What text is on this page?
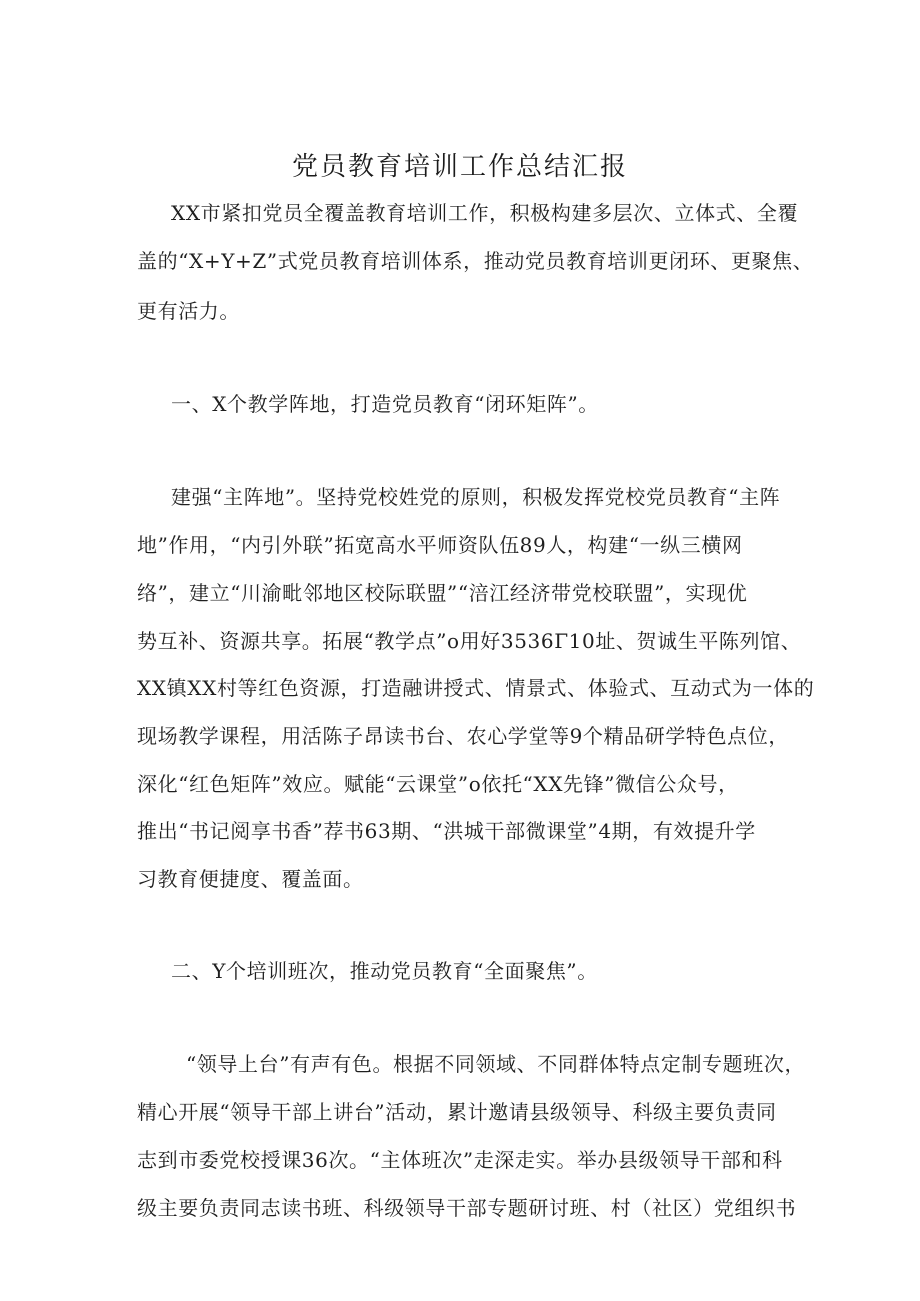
党员教育培训工作总结汇报

XX市紧扣党员全覆盖教育培训工作，积极构建多层次、立体式、全覆

盖的“X+Y+Z”式党员教育培训体系，推动党员教育培训更闭环、更聚焦、

更有活力。

一、X个教学阵地，打造党员教育“闭环矩阵”。

建强“主阵地”。坚持党校姓党的原则，积极发挥党校党员教育“主阵

地”作用，“内引外联”拓宽高水平师资队伍89人，构建“一纵三横网

络”，建立“川渝毗邻地区校际联盟”“涪江经济带党校联盟”，实现优

势互补、资源共享。拓展“教学点”o用好3536Γ10址、贺诚生平陈列馆、

XX镇XX村等红色资源，打造融讲授式、情景式、体验式、互动式为一体的

现场教学课程，用活陈子昂读书台、农心学堂等9个精品研学特色点位，

深化“红色矩阵”效应。赋能“云课堂”o依托“XX先锋”微信公众号，

推出“书记阅享书香”荐书63期、“洪城干部微课堂”4期，有效提升学

习教育便捷度、覆盖面。

二、Y个培训班次，推动党员教育“全面聚焦”。

“领导上台”有声有色。根据不同领域、不同群体特点定制专题班次，

精心开展“领导干部上讲台”活动，累计邀请县级领导、科级主要负责同

志到市委党校授课36次。“主体班次”走深走实。举办县级领导干部和科

级主要负责同志读书班、科级领导干部专题研讨班、村（社区）党组织书
